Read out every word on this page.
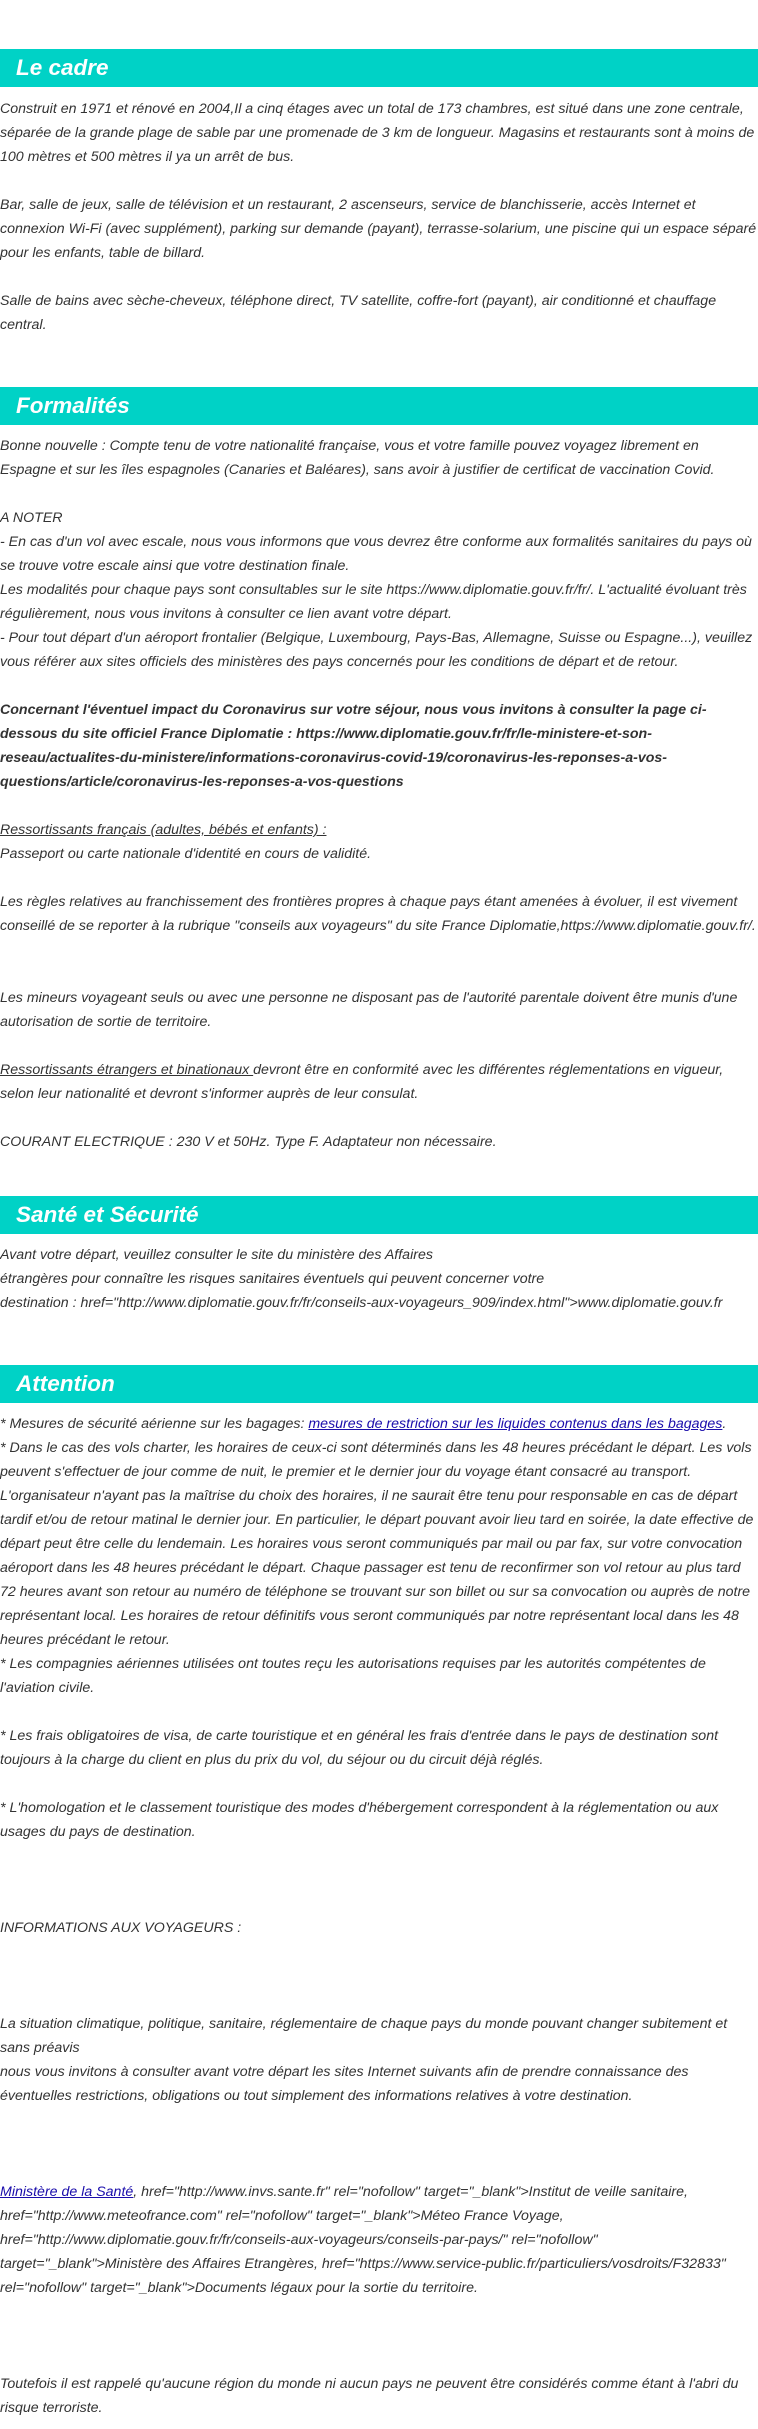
Le cadre

Construit en 1971 et rénové en 2004,Il a cinq étages avec un total de 173 chambres, est situé dans une zone centrale, séparée de la grande plage de sable par une promenade de 3 km de longueur. Magasins et restaurants sont à moins de 100 mètres et 500 mètres il ya un arrêt de bus.

Bar, salle de jeux, salle de télévision et un restaurant, 2 ascenseurs, service de blanchisserie, accès Internet et connexion Wi-Fi (avec supplément), parking sur demande (payant), terrasse-solarium, une piscine qui un espace séparé pour les enfants, table de billard.

Salle de bains avec sèche-cheveux, téléphone direct, TV satellite, coffre-fort (payant), air conditionné et chauffage central.

Formalités

Bonne nouvelle : Compte tenu de votre nationalité française, vous et votre famille pouvez voyagez librement en Espagne et sur les îles espagnoles (Canaries et Baléares), sans avoir à justifier de certificat de vaccination Covid.

A NOTER

- En cas d'un vol avec escale, nous vous informons que vous devrez être conforme aux formalités sanitaires du pays où se trouve votre escale ainsi que votre destination finale.

Les modalités pour chaque pays sont consultables sur le site https://www.diplomatie.gouv.fr/fr/. L'actualité évoluant très régulièrement, nous vous invitons à consulter ce lien avant votre départ.

- Pour tout départ d'un aéroport frontalier (Belgique, Luxembourg, Pays-Bas, Allemagne, Suisse ou Espagne...), veuillez vous référer aux sites officiels des ministères des pays concernés pour les conditions de départ et de retour.

Concernant l'éventuel impact du Coronavirus sur votre séjour, nous vous invitons à consulter la page ci-dessous du site officiel France Diplomatie : https://www.diplomatie.gouv.fr/fr/le-ministere-et-son-reseau/actualites-du-ministere/informations-coronavirus-covid-19/coronavirus-les-reponses-a-vos-questions/article/coronavirus-les-reponses-a-vos-questions

Ressortissants français (adultes, bébés et enfants) :

Passeport ou carte nationale d'identité en cours de validité.

Les règles relatives au franchissement des frontières propres à chaque pays étant amenées à évoluer, il est vivement conseillé de se reporter à la rubrique "conseils aux voyageurs" du site France Diplomatie,https://www.diplomatie.gouv.fr/.

Les mineurs voyageant seuls ou avec une personne ne disposant pas de l'autorité parentale doivent être munis d'une autorisation de sortie de territoire.

Ressortissants étrangers et binationaux devront être en conformité avec les différentes réglementations en vigueur, selon leur nationalité et devront s'informer auprès de leur consulat.

COURANT ELECTRIQUE : 230 V et 50Hz. Type F. Adaptateur non nécessaire.

Santé et Sécurité

Avant votre départ, veuillez consulter le site du ministère des Affaires

étrangères pour connaître les risques sanitaires éventuels qui peuvent concerner votre

destination : href="http://www.diplomatie.gouv.fr/fr/conseils-aux-voyageurs_909/index.html">www.diplomatie.gouv.fr

Attention

* Mesures de sécurité aérienne sur les bagages: mesures de restriction sur les liquides contenus dans les bagages.

* Dans le cas des vols charter, les horaires de ceux-ci sont déterminés dans les 48 heures précédant le départ. Les vols peuvent s'effectuer de jour comme de nuit, le premier et le dernier jour du voyage étant consacré au transport. L'organisateur n'ayant pas la maîtrise du choix des horaires, il ne saurait être tenu pour responsable en cas de départ tardif et/ou de retour matinal le dernier jour. En particulier, le départ pouvant avoir lieu tard en soirée, la date effective de départ peut être celle du lendemain. Les horaires vous seront communiqués par mail ou par fax, sur votre convocation aéroport dans les 48 heures précédant le départ. Chaque passager est tenu de reconfirmer son vol retour au plus tard 72 heures avant son retour au numéro de téléphone se trouvant sur son billet ou sur sa convocation ou auprès de notre représentant local. Les horaires de retour définitifs vous seront communiqués par notre représentant local dans les 48 heures précédant le retour.

* Les compagnies aériennes utilisées ont toutes reçu les autorisations requises par les autorités compétentes de l'aviation civile.

* Les frais obligatoires de visa, de carte touristique et en général les frais d'entrée dans le pays de destination sont toujours à la charge du client en plus du prix du vol, du séjour ou du circuit déjà réglés.

* L'homologation et le classement touristique des modes d'hébergement correspondent à la réglementation ou aux usages du pays de destination.

INFORMATIONS AUX VOYAGEURS :

La situation climatique, politique, sanitaire, réglementaire de chaque pays du monde pouvant changer subitement et sans préavis

nous vous invitons à consulter avant votre départ les sites Internet suivants afin de prendre connaissance des éventuelles restrictions, obligations ou tout simplement des informations relatives à votre destination.

Ministère de la Santé, href="http://www.invs.sante.fr" rel="nofollow" target="_blank">Institut de veille sanitaire, href="http://www.meteofrance.com" rel="nofollow" target="_blank">Méteo France Voyage, href="http://www.diplomatie.gouv.fr/fr/conseils-aux-voyageurs/conseils-par-pays/" rel="nofollow" target="_blank">Ministère des Affaires Etrangères, href="https://www.service-public.fr/particuliers/vosdroits/F32833" rel="nofollow" target="_blank">Documents légaux pour la sortie du territoire.

Toutefois il est rappelé qu'aucune région du monde ni aucun pays ne peuvent être considérés comme étant à l'abri du risque terroriste.
